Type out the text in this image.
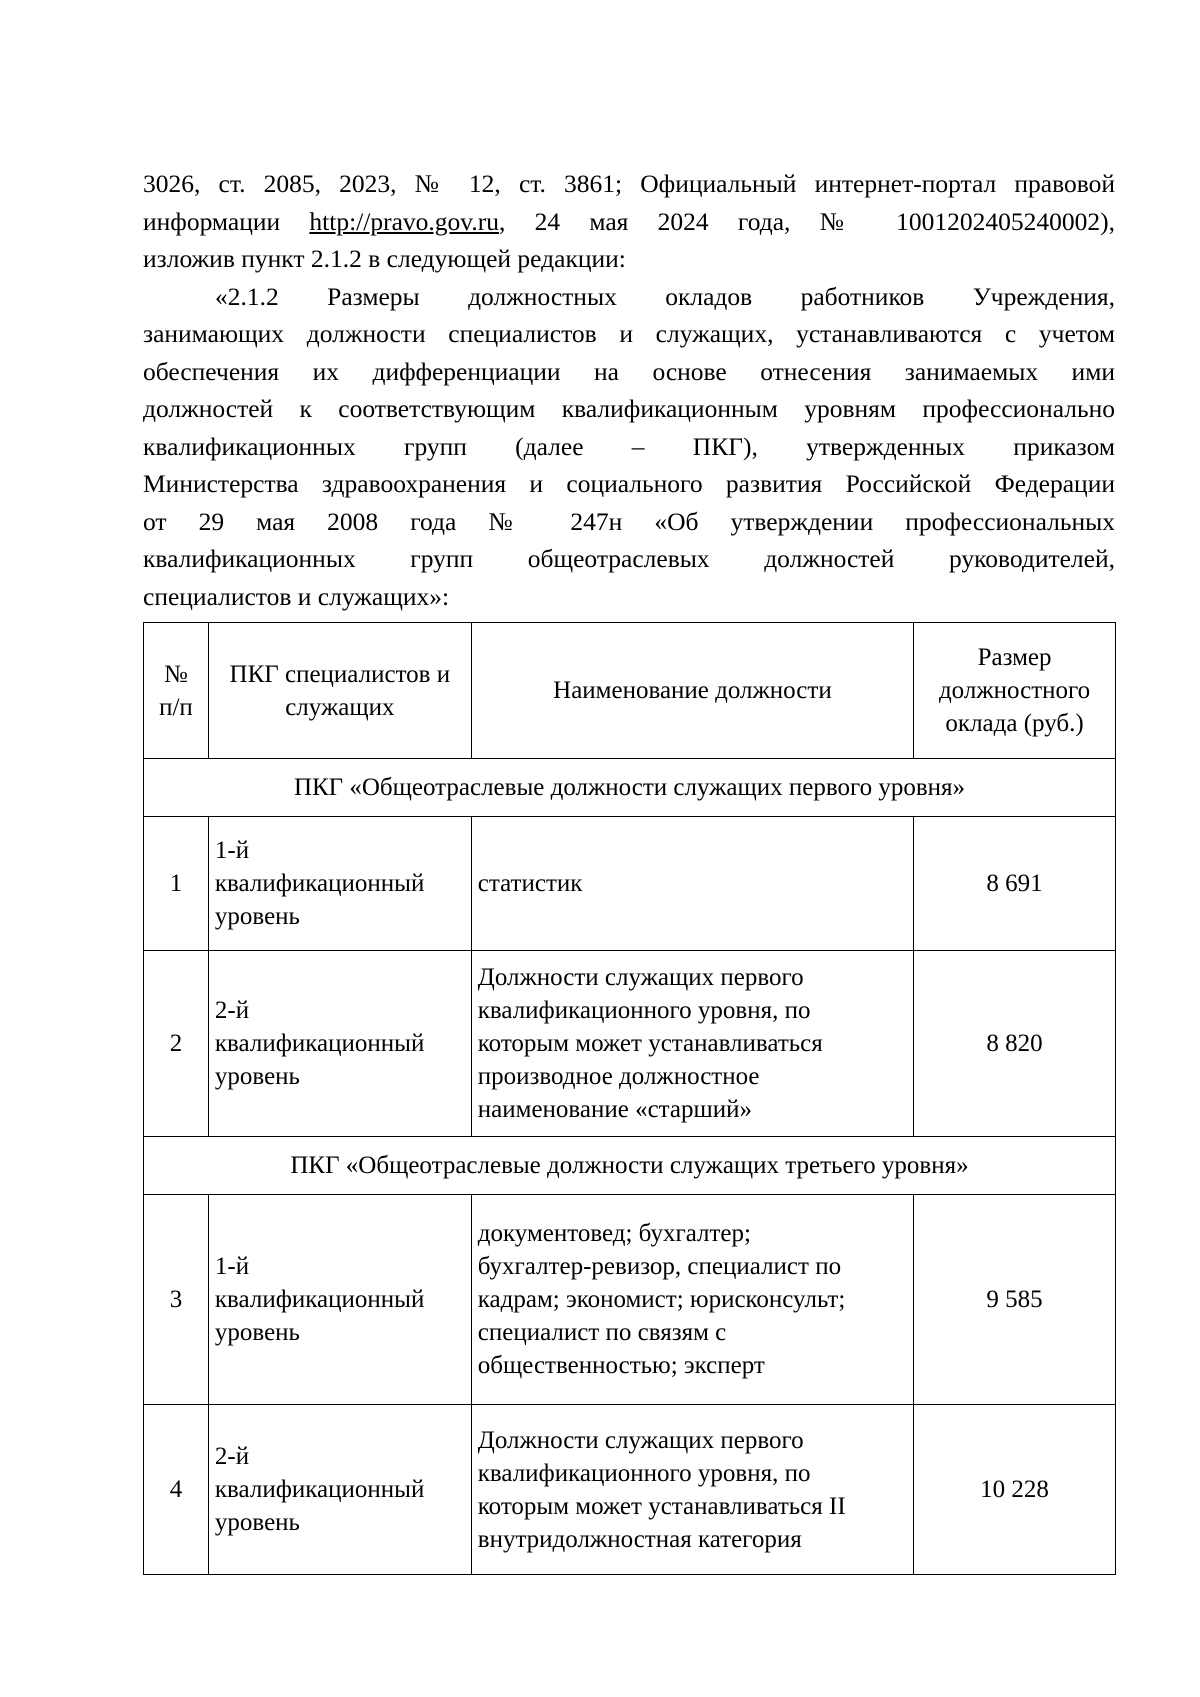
3026, ст. 2085, 2023, № 12, ст. 3861; Официальный интернет-портал правовой
информации http://pravo.gov.ru, 24 мая 2024 года, № 1001202405240002),
изложив пункт 2.1.2 в следующей редакции:

«2.1.2 Размеры должностных окладов работников Учреждения,
занимающих должности специалистов и служащих, устанавливаются с учетом
обеспечения их дифференциации на основе отнесения занимаемых ими
должностей к соответствующим квалификационным уровням профессионально
квалификационных групп (далее – ПКГ), утвержденных приказом
Министерства здравоохранения и социального развития Российской Федерации
от 29 мая 2008 года № 247н «Об утверждении профессиональных
квалификационных групп общеотраслевых должностей руководителей,
специалистов и служащих»:

№
п/п	ПКГ специалистов и
служащих	Наименование должности	Размер
должностного
оклада (руб.)
ПКГ «Общеотраслевые должности служащих первого уровня»			
1	1-й
квалификационный
уровень	статистик	8 691
2	2-й
квалификационный
уровень	Должности служащих первого
квалификационного уровня, по
которым может устанавливаться
производное должностное
наименование «старший»	8 820
ПКГ «Общеотраслевые должности служащих третьего уровня»			
3	1-й
квалификационный
уровень	документовед; бухгалтер;
бухгалтер-ревизор, специалист по
кадрам; экономист; юрисконсульт;
специалист по связям с
общественностью; эксперт	9 585
4	2-й
квалификационный
уровень	Должности служащих первого
квалификационного уровня, по
которым может устанавливаться II
внутридолжностная категория	10 228
